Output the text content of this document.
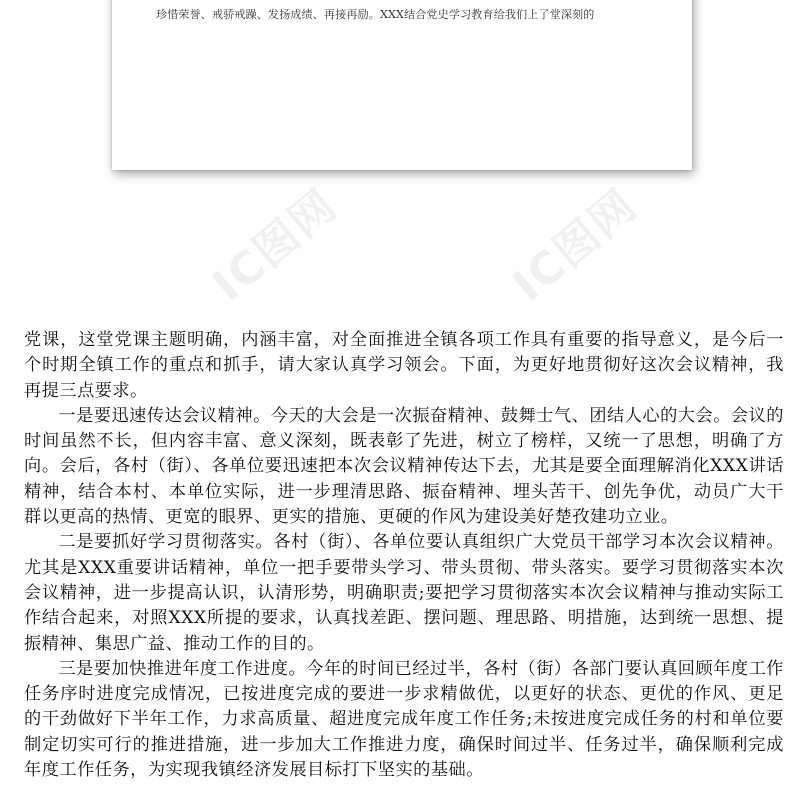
珍惜荣誉、戒骄戒躁、发扬成绩、再接再励。XXX结合党史学习教育给我们上了堂深刻的
IC图网	IC图网

党课，这堂党课主题明确，内涵丰富，对全面推进全镇各项工作具有重要的指导意义，是今后一个时期全镇工作的重点和抓手，请大家认真学习领会。下面，为更好地贯彻好这次会议精神，我再提三点要求。

一是要迅速传达会议精神。今天的大会是一次振奋精神、鼓舞士气、团结人心的大会。会议的时间虽然不长，但内容丰富、意义深刻，既表彰了先进，树立了榜样，又统一了思想，明确了方向。会后，各村（街）、各单位要迅速把本次会议精神传达下去，尤其是要全面理解消化XXX讲话精神，结合本村、本单位实际，进一步理清思路、振奋精神、埋头苦干、创先争优，动员广大干群以更高的热情、更宽的眼界、更实的措施、更硬的作风为建设美好楚孜建功立业。

二是要抓好学习贯彻落实。各村（街）、各单位要认真组织广大党员干部学习本次会议精神。尤其是XXX重要讲话精神，单位一把手要带头学习、带头贯彻、带头落实。要学习贯彻落实本次会议精神，进一步提高认识，认清形势，明确职责;要把学习贯彻落实本次会议精神与推动实际工作结合起来，对照XXX所提的要求，认真找差距、摆问题、理思路、明措施，达到统一思想、提振精神、集思广益、推动工作的目的。

三是要加快推进年度工作进度。今年的时间已经过半，各村（街）各部门要认真回顾年度工作任务序时进度完成情况，已按进度完成的要进一步求精做优，以更好的状态、更优的作风、更足的干劲做好下半年工作，力求高质量、超进度完成年度工作任务;未按进度完成任务的村和单位要制定切实可行的推进措施，进一步加大工作推进力度，确保时间过半、任务过半，确保顺利完成年度工作任务，为实现我镇经济发展目标打下坚实的基础。
